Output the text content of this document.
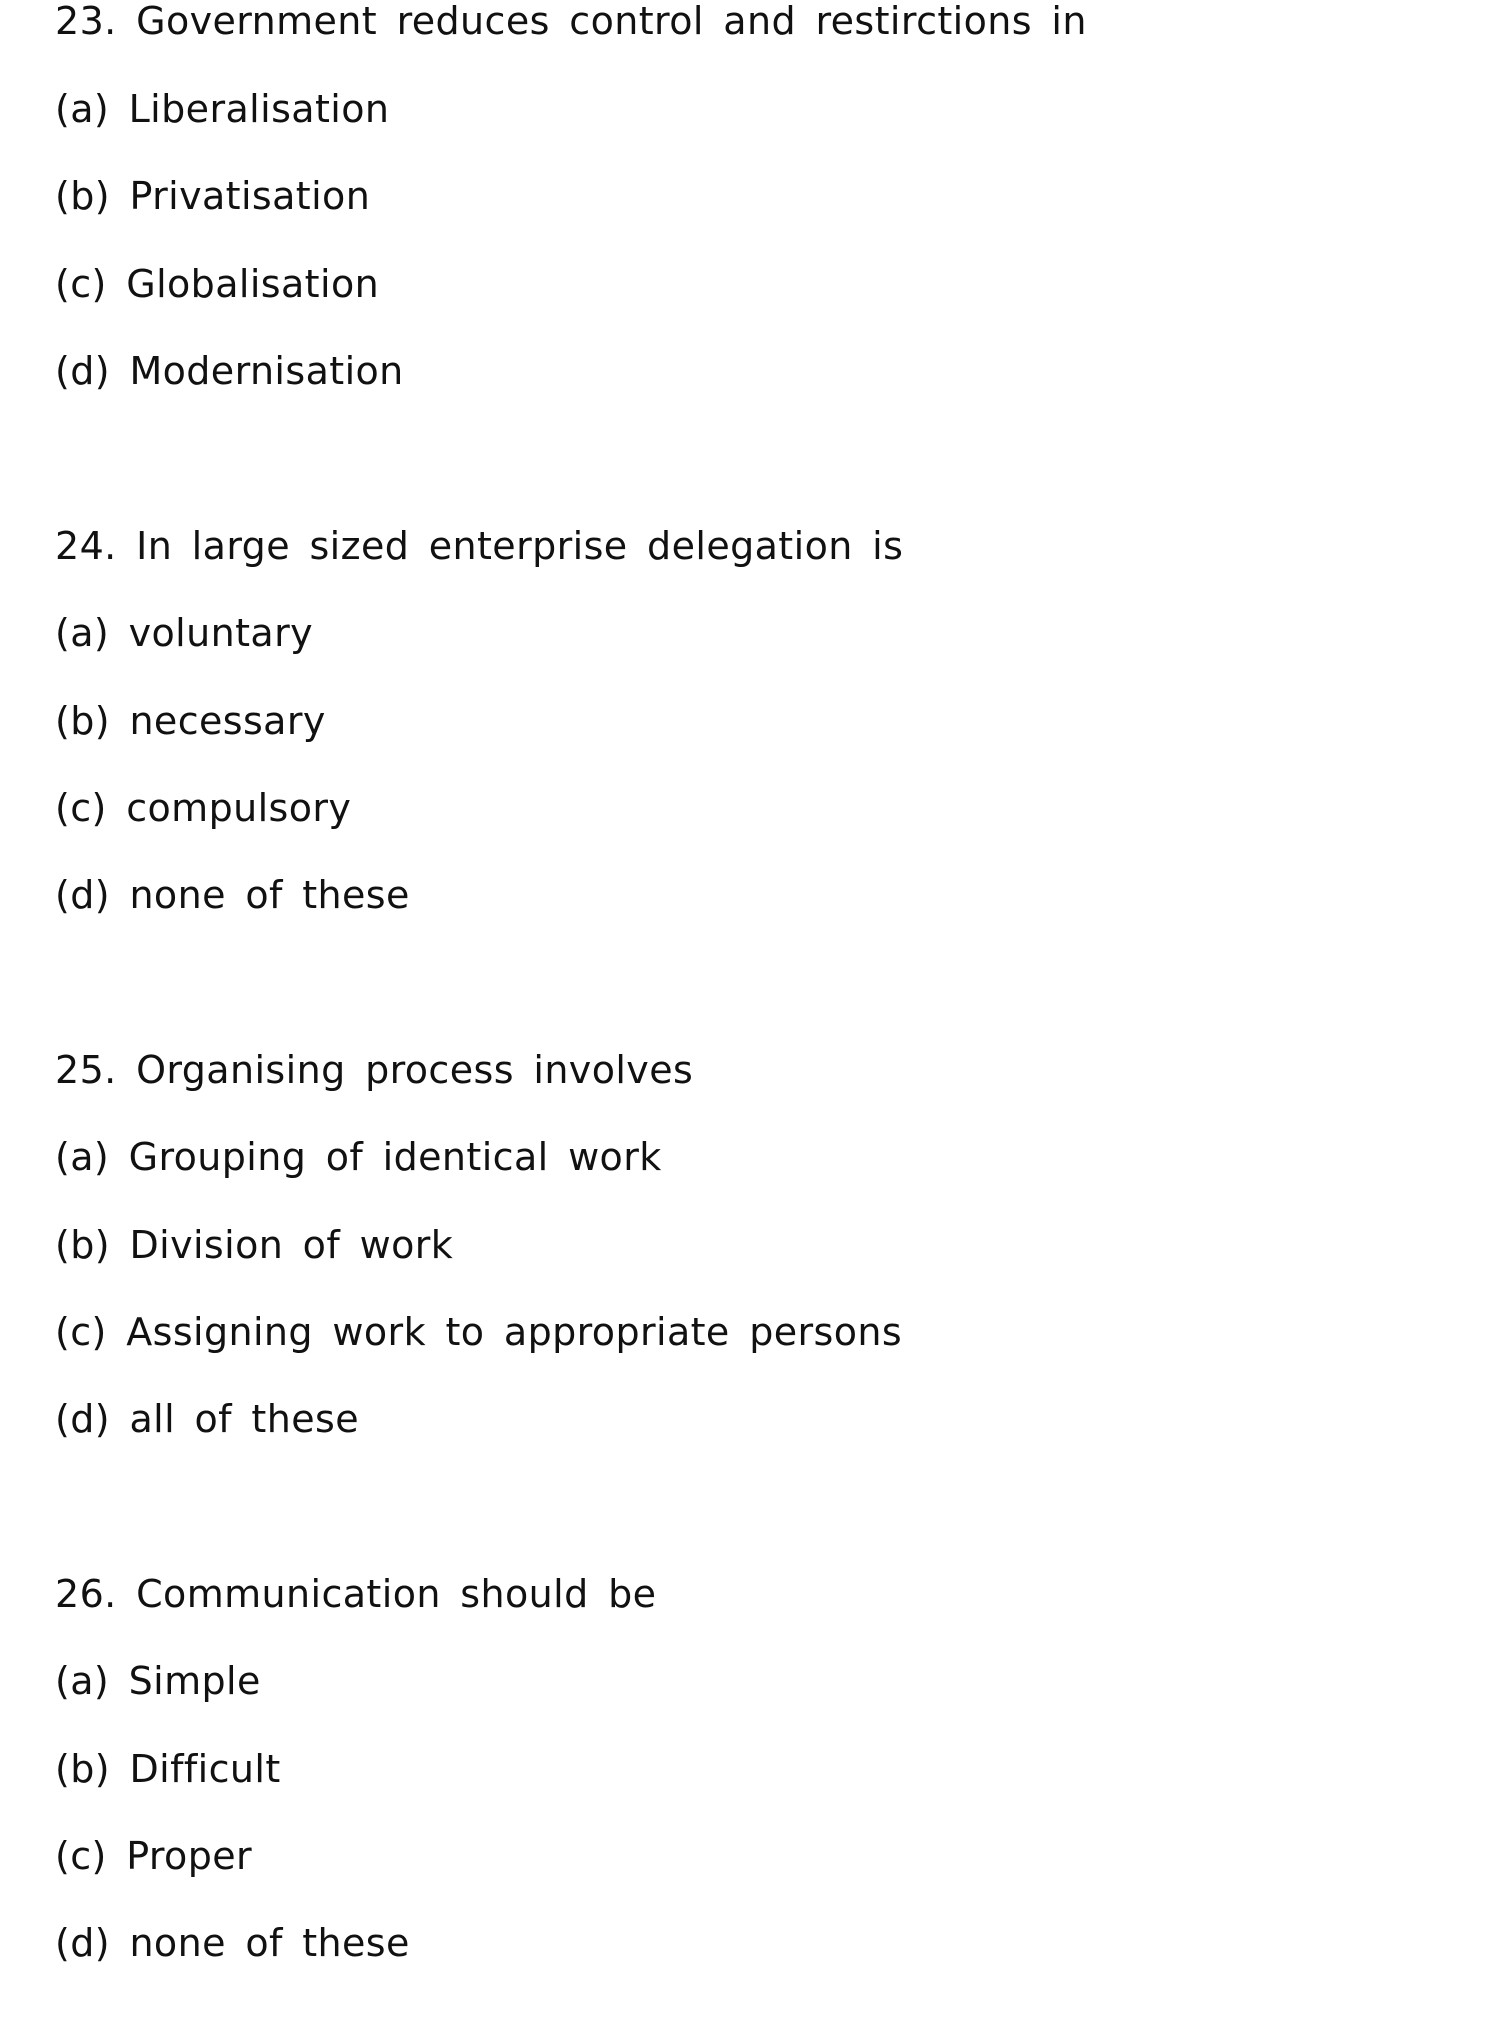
23. Government reduces control and restirctions in
(a) Liberalisation
(b) Privatisation
(c) Globalisation
(d) Modernisation
24. In large sized enterprise delegation is
(a) voluntary
(b) necessary
(c) compulsory
(d) none of these
25. Organising process involves
(a) Grouping of identical work
(b) Division of work
(c) Assigning work to appropriate persons
(d) all of these
26. Communication should be
(a) Simple
(b) Difficult
(c) Proper
(d) none of these
